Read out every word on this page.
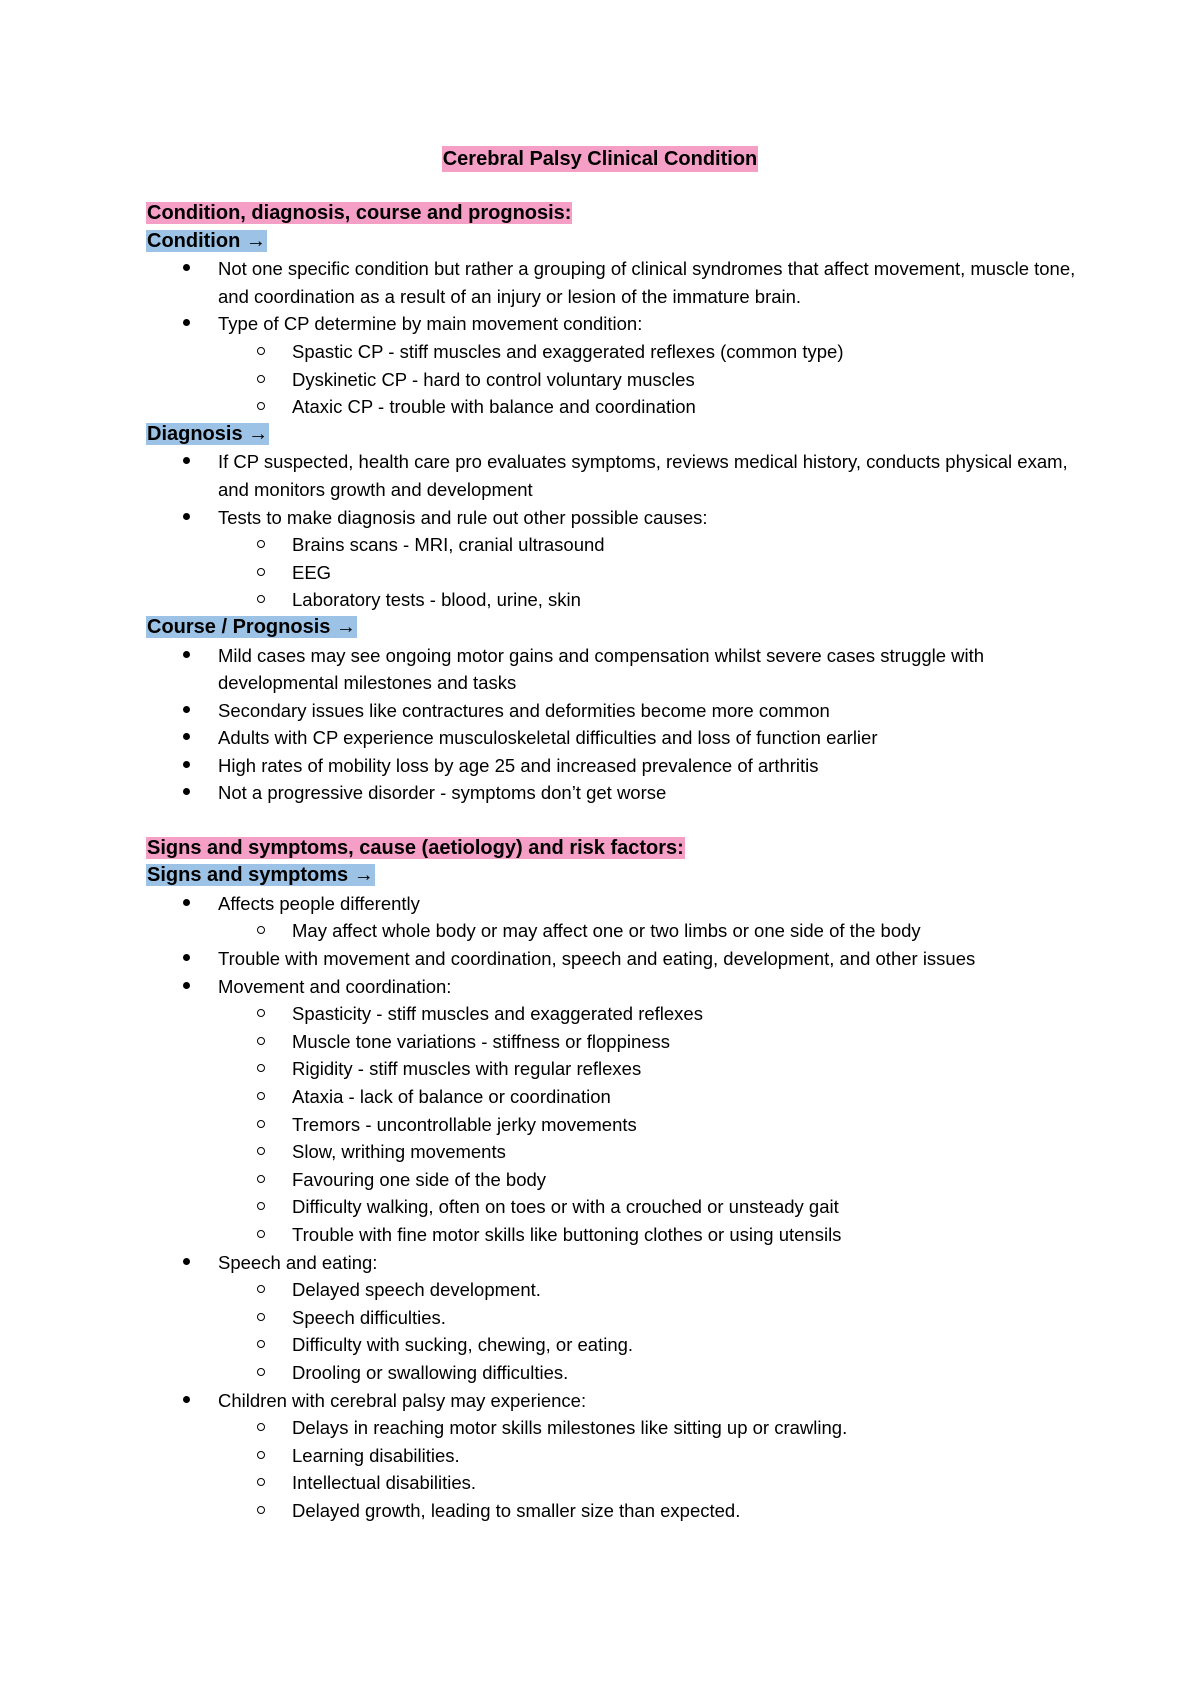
Cerebral Palsy Clinical Condition
Condition, diagnosis, course and prognosis:
Condition →
Not one specific condition but rather a grouping of clinical syndromes that affect movement, muscle tone, and coordination as a result of an injury or lesion of the immature brain.
Type of CP determine by main movement condition:
Spastic CP - stiff muscles and exaggerated reflexes (common type)
Dyskinetic CP - hard to control voluntary muscles
Ataxic CP - trouble with balance and coordination
Diagnosis →
If CP suspected, health care pro evaluates symptoms, reviews medical history, conducts physical exam, and monitors growth and development
Tests to make diagnosis and rule out other possible causes:
Brains scans - MRI, cranial ultrasound
EEG
Laboratory tests - blood, urine, skin
Course / Prognosis →
Mild cases may see ongoing motor gains and compensation whilst severe cases struggle with developmental milestones and tasks
Secondary issues like contractures and deformities become more common
Adults with CP experience musculoskeletal difficulties and loss of function earlier
High rates of mobility loss by age 25 and increased prevalence of arthritis
Not a progressive disorder - symptoms don’t get worse
Signs and symptoms, cause (aetiology) and risk factors:
Signs and symptoms →
Affects people differently
May affect whole body or may affect one or two limbs or one side of the body
Trouble with movement and coordination, speech and eating, development, and other issues
Movement and coordination:
Spasticity - stiff muscles and exaggerated reflexes
Muscle tone variations - stiffness or floppiness
Rigidity - stiff muscles with regular reflexes
Ataxia - lack of balance or coordination
Tremors - uncontrollable jerky movements
Slow, writhing movements
Favouring one side of the body
Difficulty walking, often on toes or with a crouched or unsteady gait
Trouble with fine motor skills like buttoning clothes or using utensils
Speech and eating:
Delayed speech development.
Speech difficulties.
Difficulty with sucking, chewing, or eating.
Drooling or swallowing difficulties.
Children with cerebral palsy may experience:
Delays in reaching motor skills milestones like sitting up or crawling.
Learning disabilities.
Intellectual disabilities.
Delayed growth, leading to smaller size than expected.
